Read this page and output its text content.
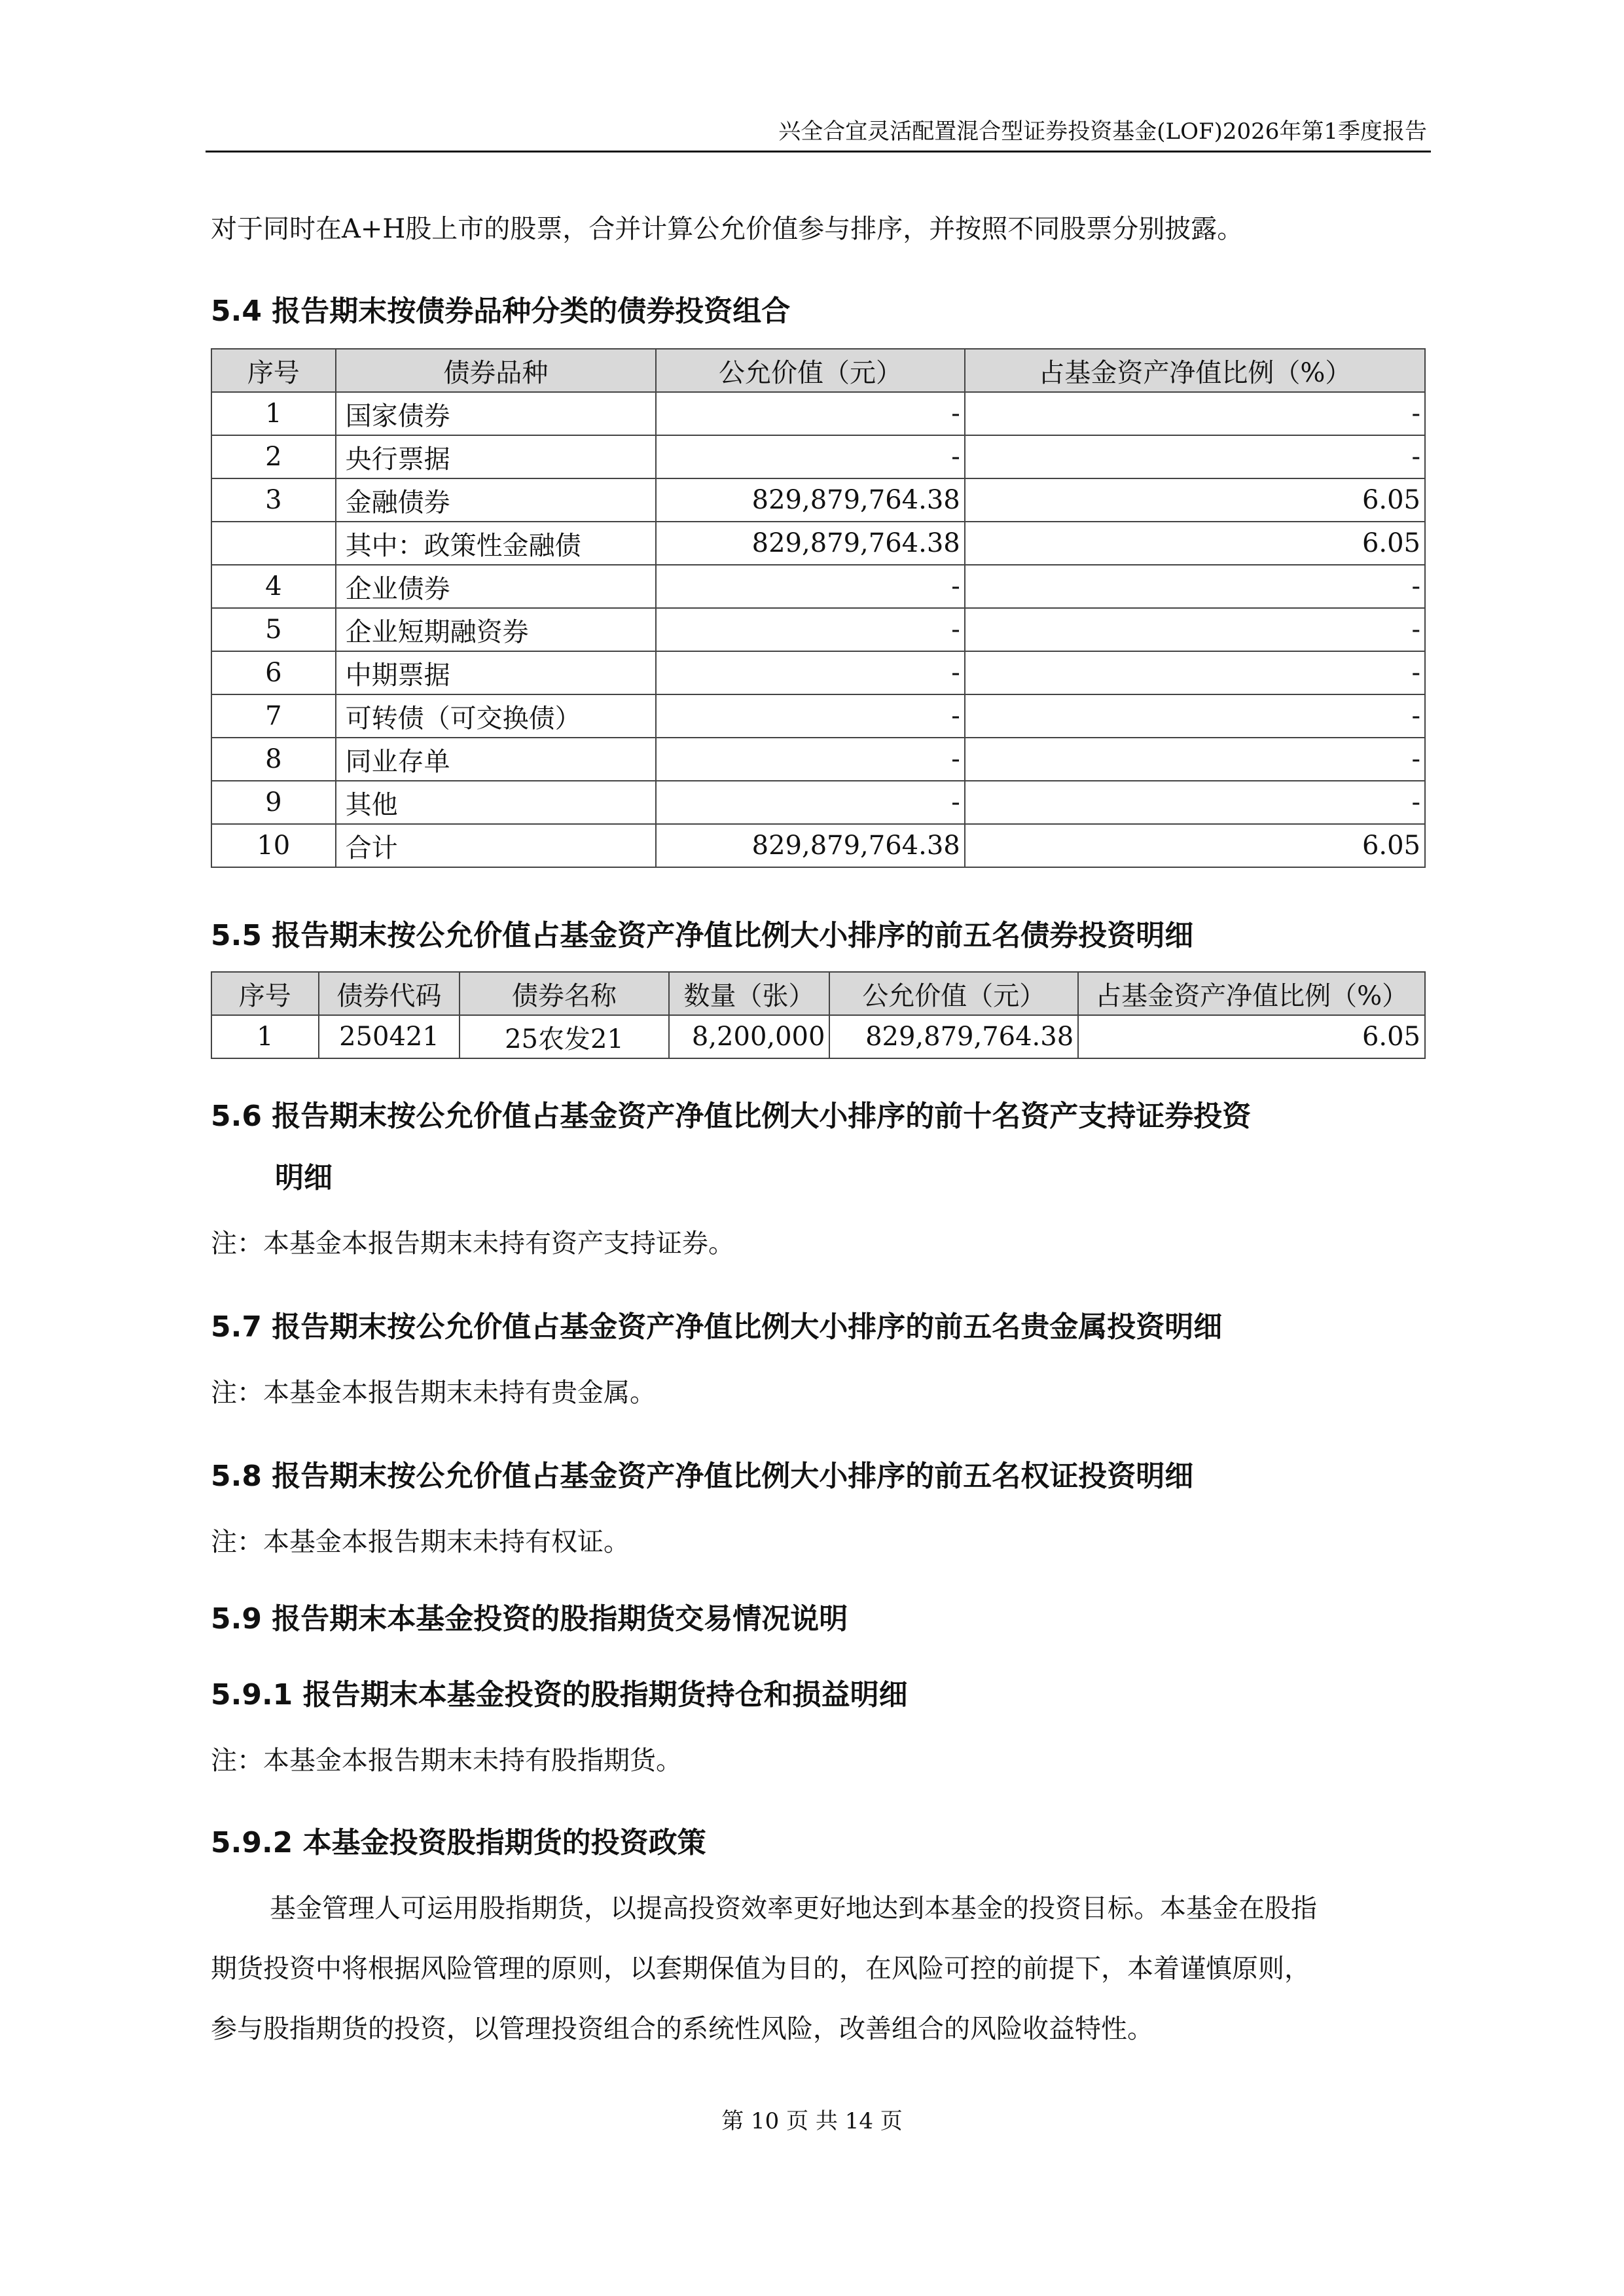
兴全合宜灵活配置混合型证券投资基金(LOF)2026年第1季度报告
对于同时在A+H股上市的股票，合并计算公允价值参与排序，并按照不同股票分别披露。
5.4 报告期末按债券品种分类的债券投资组合
序号	债券品种	公允价值（元）	占基金资产净值比例（%）
1	国家债券	-	-
2	央行票据	-	-
3	金融债券	829,879,764.38	6.05
	其中：政策性金融债	829,879,764.38	6.05
4	企业债券	-	-
5	企业短期融资券	-	-
6	中期票据	-	-
7	可转债（可交换债）	-	-
8	同业存单	-	-
9	其他	-	-
10	合计	829,879,764.38	6.05
5.5 报告期末按公允价值占基金资产净值比例大小排序的前五名债券投资明细
序号	债券代码	债券名称	数量（张）	公允价值（元）	占基金资产净值比例（%）
1	250421	25农发21	8,200,000	829,879,764.38	6.05
5.6 报告期末按公允价值占基金资产净值比例大小排序的前十名资产支持证券投资
明细
注：本基金本报告期末未持有资产支持证券。
5.7 报告期末按公允价值占基金资产净值比例大小排序的前五名贵金属投资明细
注：本基金本报告期末未持有贵金属。
5.8 报告期末按公允价值占基金资产净值比例大小排序的前五名权证投资明细
注：本基金本报告期末未持有权证。
5.9 报告期末本基金投资的股指期货交易情况说明
5.9.1 报告期末本基金投资的股指期货持仓和损益明细
注：本基金本报告期末未持有股指期货。
5.9.2 本基金投资股指期货的投资政策
基金管理人可运用股指期货，以提高投资效率更好地达到本基金的投资目标。本基金在股指
期货投资中将根据风险管理的原则，以套期保值为目的，在风险可控的前提下，本着谨慎原则，
参与股指期货的投资，以管理投资组合的系统性风险，改善组合的风险收益特性。
第 10 页 共 14 页
